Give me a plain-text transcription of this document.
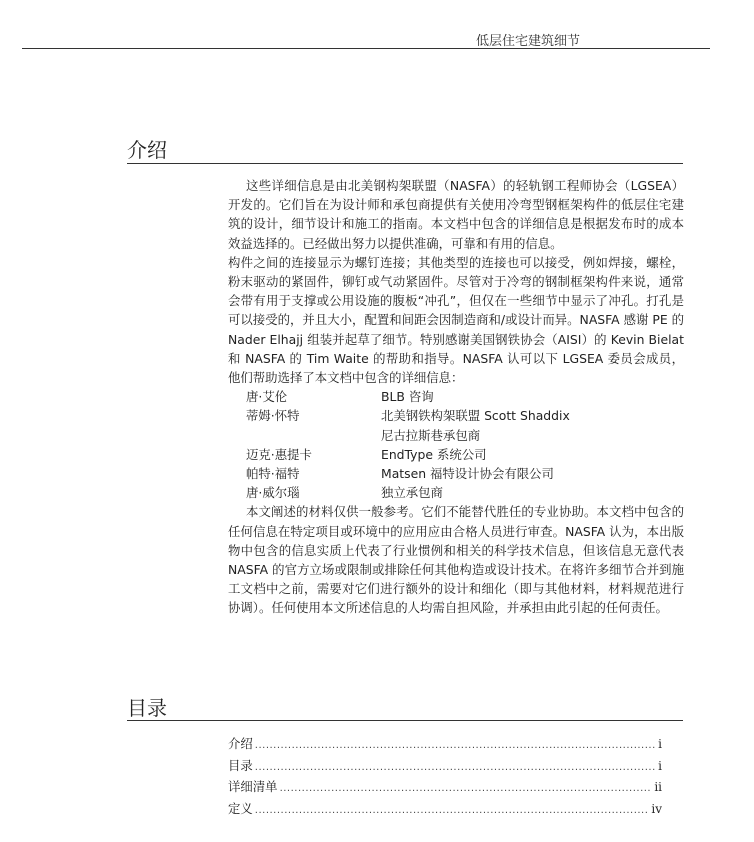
低层住宅建筑细节
介绍

这些详细信息是由北美钢构架联盟（NASFA）的轻轨钢工程师协会（LGSEA）开发的。它们旨在为设计师和承包商提供有关使用冷弯型钢框架构件的低层住宅建筑的设计，细节设计和施工的指南。本文档中包含的详细信息是根据发布时的成本效益选择的。已经做出努力以提供准确，可靠和有用的信息。

构件之间的连接显示为螺钉连接；其他类型的连接也可以接受，例如焊接，螺栓，粉末驱动的紧固件，铆钉或气动紧固件。尽管对于冷弯的钢制框架构件来说，通常会带有用于支撑或公用设施的腹板“冲孔”，但仅在一些细节中显示了冲孔。打孔是可以接受的，并且大小，配置和间距会因制造商和/或设计而异。NASFA 感谢 PE 的 Nader Elhajj 组装并起草了细节。特别感谢美国钢铁协会（AISI）的 Kevin Bielat 和 NASFA 的 Tim Waite 的帮助和指导。NASFA 认可以下 LGSEA 委员会成员，他们帮助选择了本文档中包含的详细信息：

唐·艾伦	BLB 咨询
蒂姆·怀特	北美钢铁构架联盟 Scott Shaddix
尼古拉斯巷承包商
迈克·惠提卡	EndType 系统公司
帕特·福特	Matsen 福特设计协会有限公司
唐·威尔瑙	独立承包商

本文阐述的材料仅供一般参考。它们不能替代胜任的专业协助。本文档中包含的任何信息在特定项目或环境中的应用应由合格人员进行审查。NASFA 认为，本出版物中包含的信息实质上代表了行业惯例和相关的科学技术信息，但该信息无意代表 NASFA 的官方立场或限制或排除任何其他构造或设计技术。在将许多细节合并到施工文档中之前，需要对它们进行额外的设计和细化（即与其他材料，材料规范进行协调）。任何使用本文所述信息的人均需自担风险，并承担由此引起的任何责任。

目录
介绍 .....	i
目录 .....	i
详细清单 .....	ii
定义 .....	iv
